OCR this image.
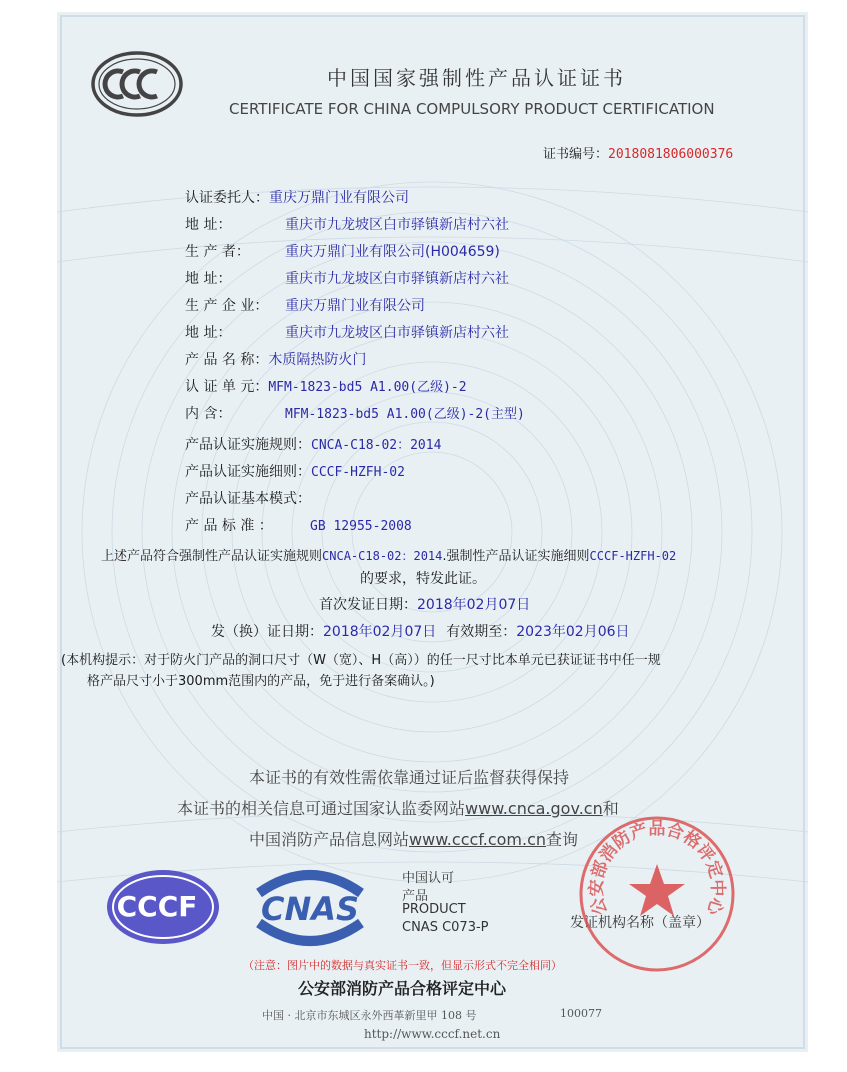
中国国家强制性产品认证证书
CERTIFICATE FOR CHINA COMPULSORY PRODUCT CERTIFICATION
证书编号：2018081806000376
认证委托人：重庆万鼎门业有限公司
地 址：	重庆市九龙坡区白市驿镇新店村六社
生 产 者：	重庆万鼎门业有限公司(H004659)
地 址：	重庆市九龙坡区白市驿镇新店村六社
生 产 企 业： 重庆万鼎门业有限公司
地 址：	重庆市九龙坡区白市驿镇新店村六社
产 品 名 称：木质隔热防火门
认 证 单 元：MFM-1823-bd5 A1.00(乙级)-2
内 含：	MFM-1823-bd5 A1.00(乙级)-2(主型)
产品认证实施规则：CNCA-C18-02：2014
产品认证实施细则：CCCF-HZFH-02
产品认证基本模式：
产 品 标 准 ：	GB 12955-2008
上述产品符合强制性产品认证实施规则CNCA-C18-02：2014.强制性产品认证实施细则CCCF-HZFH-02
的要求，特发此证。
首次发证日期：2018年02月07日
发（换）证日期：2018年02月07日 有效期至：2023年02月06日
(本机构提示：对于防火门产品的洞口尺寸（W（宽）、H（高））的任一尺寸比本单元已获证证书中任一规
格产品尺寸小于300mm范围内的产品，免于进行备案确认。)
本证书的有效性需依靠通过证后监督获得保持
本证书的相关信息可通过国家认监委网站www.cnca.gov.cn和
中国消防产品信息网站www.cccf.com.cn查询
CCCF CNAS
中国认可
产品
PRODUCT
CNAS C073-P	发证机构名称（盖章）
公安部消防产品合格评定中心
（注意：图片中的数据与真实证书一致，但显示形式不完全相同）
公安部消防产品合格评定中心
中国 · 北京市东城区永外西革新里甲 108 号	100077
http://www.cccf.net.cn
